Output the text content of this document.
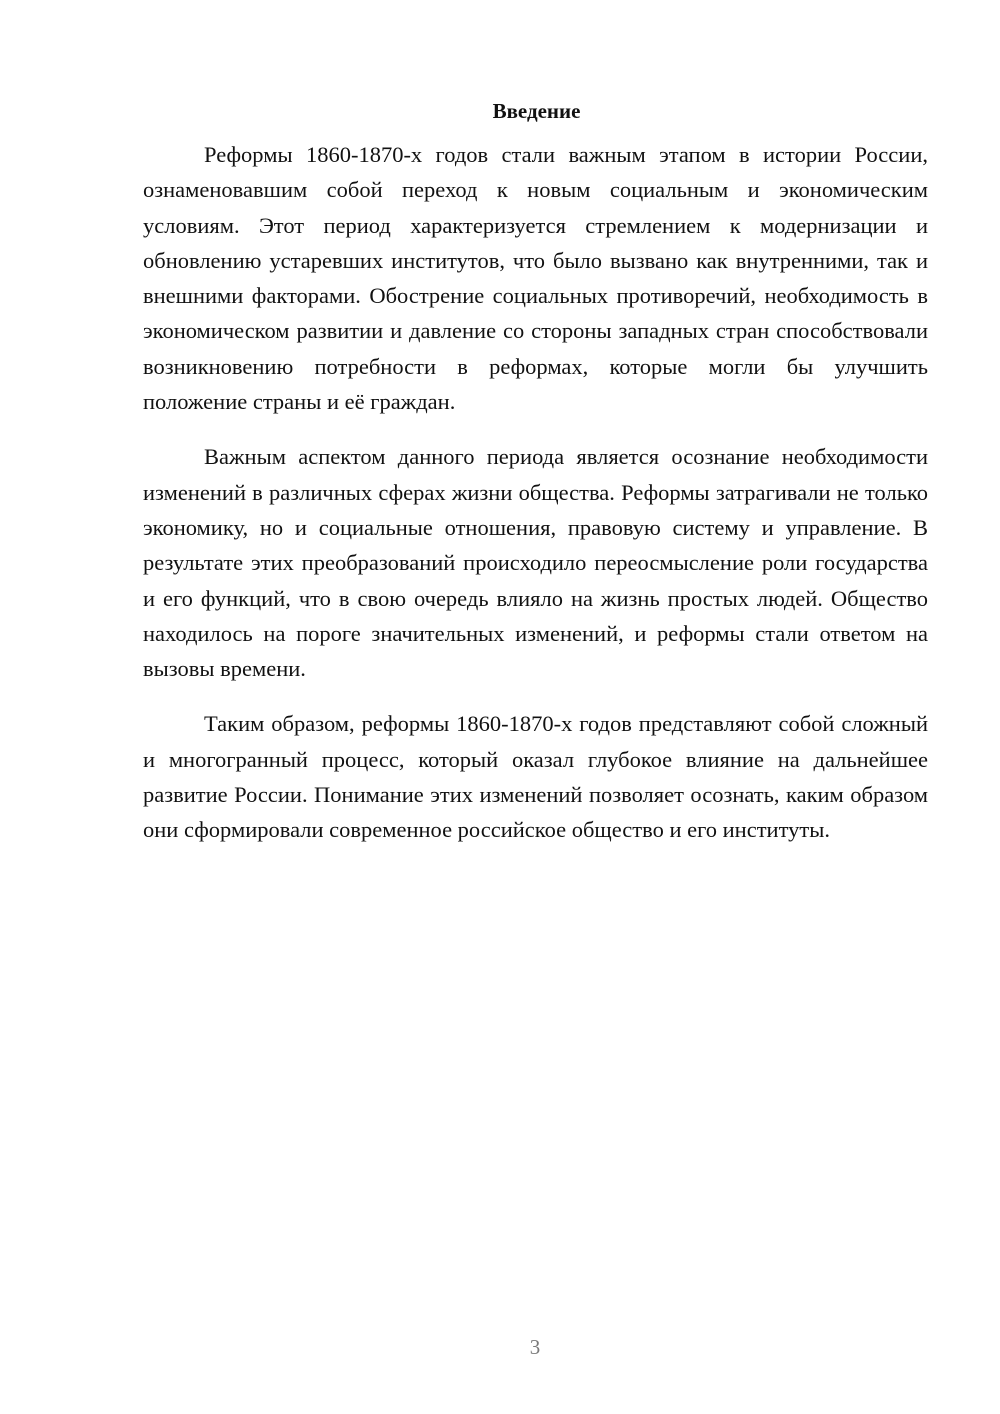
Введение

Реформы 1860-1870-х годов стали важным этапом в истории России, ознаменовавшим собой переход к новым социальным и экономическим условиям. Этот период характеризуется стремлением к модернизации и обновлению устаревших институтов, что было вызвано как внутренними, так и внешними факторами. Обострение социальных противоречий, необходимость в экономическом развитии и давление со стороны западных стран способствовали возникновению потребности в реформах, которые могли бы улучшить положение страны и её граждан.

Важным аспектом данного периода является осознание необходимости изменений в различных сферах жизни общества. Реформы затрагивали не только экономику, но и социальные отношения, правовую систему и управление. В результате этих преобразований происходило переосмысление роли государства и его функций, что в свою очередь влияло на жизнь простых людей. Общество находилось на пороге значительных изменений, и реформы стали ответом на вызовы времени.

Таким образом, реформы 1860-1870-х годов представляют собой сложный и многогранный процесс, который оказал глубокое влияние на дальнейшее развитие России. Понимание этих изменений позволяет осознать, каким образом они сформировали современное российское общество и его институты.

3
